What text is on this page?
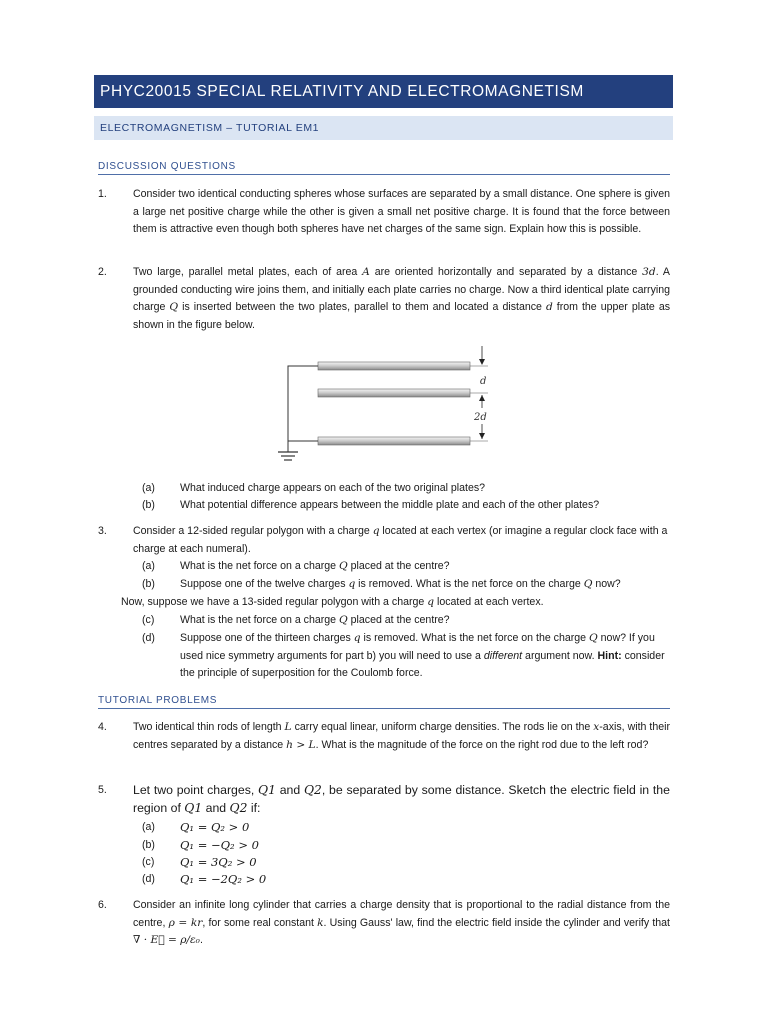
PHYC20015 SPECIAL RELATIVITY AND ELECTROMAGNETISM
ELECTROMAGNETISM – TUTORIAL EM1
DISCUSSION QUESTIONS
1. Consider two identical conducting spheres whose surfaces are separated by a small distance. One sphere is given a large net positive charge while the other is given a small net positive charge. It is found that the force between them is attractive even though both spheres have net charges of the same sign. Explain how this is possible.
2. Two large, parallel metal plates, each of area A are oriented horizontally and separated by a distance 3d. A grounded conducting wire joins them, and initially each plate carries no charge. Now a third identical plate carrying charge Q is inserted between the two plates, parallel to them and located a distance d from the upper plate as shown in the figure below.
d
2d
(a) What induced charge appears on each of the two original plates?
(b) What potential difference appears between the middle plate and each of the other plates?
3. Consider a 12-sided regular polygon with a charge q located at each vertex (or imagine a regular clock face with a charge at each numeral).
(a) What is the net force on a charge Q placed at the centre?
(b) Suppose one of the twelve charges q is removed. What is the net force on the charge Q now?
Now, suppose we have a 13-sided regular polygon with a charge q located at each vertex.
(c) What is the net force on a charge Q placed at the centre?
(d) Suppose one of the thirteen charges q is removed. What is the net force on the charge Q now? If you used nice symmetry arguments for part b) you will need to use a different argument now. Hint: consider the principle of superposition for the Coulomb force.
TUTORIAL PROBLEMS
4. Two identical thin rods of length L carry equal linear, uniform charge densities. The rods lie on the x-axis, with their centres separated by a distance h > L. What is the magnitude of the force on the right rod due to the left rod?
5. Let two point charges, Q1 and Q2, be separated by some distance. Sketch the electric field in the region of Q1 and Q2 if:
(a) Q₁ = Q₂ > 0
(b) Q₁ = −Q₂ > 0
(c) Q₁ = 3Q₂ > 0
(d) Q₁ = −2Q₂ > 0
6. Consider an infinite long cylinder that carries a charge density that is proportional to the radial distance from the centre, ρ = kr, for some real constant k. Using Gauss' law, find the electric field inside the cylinder and verify that ∇ · E⃗ = ρ/ε₀.
